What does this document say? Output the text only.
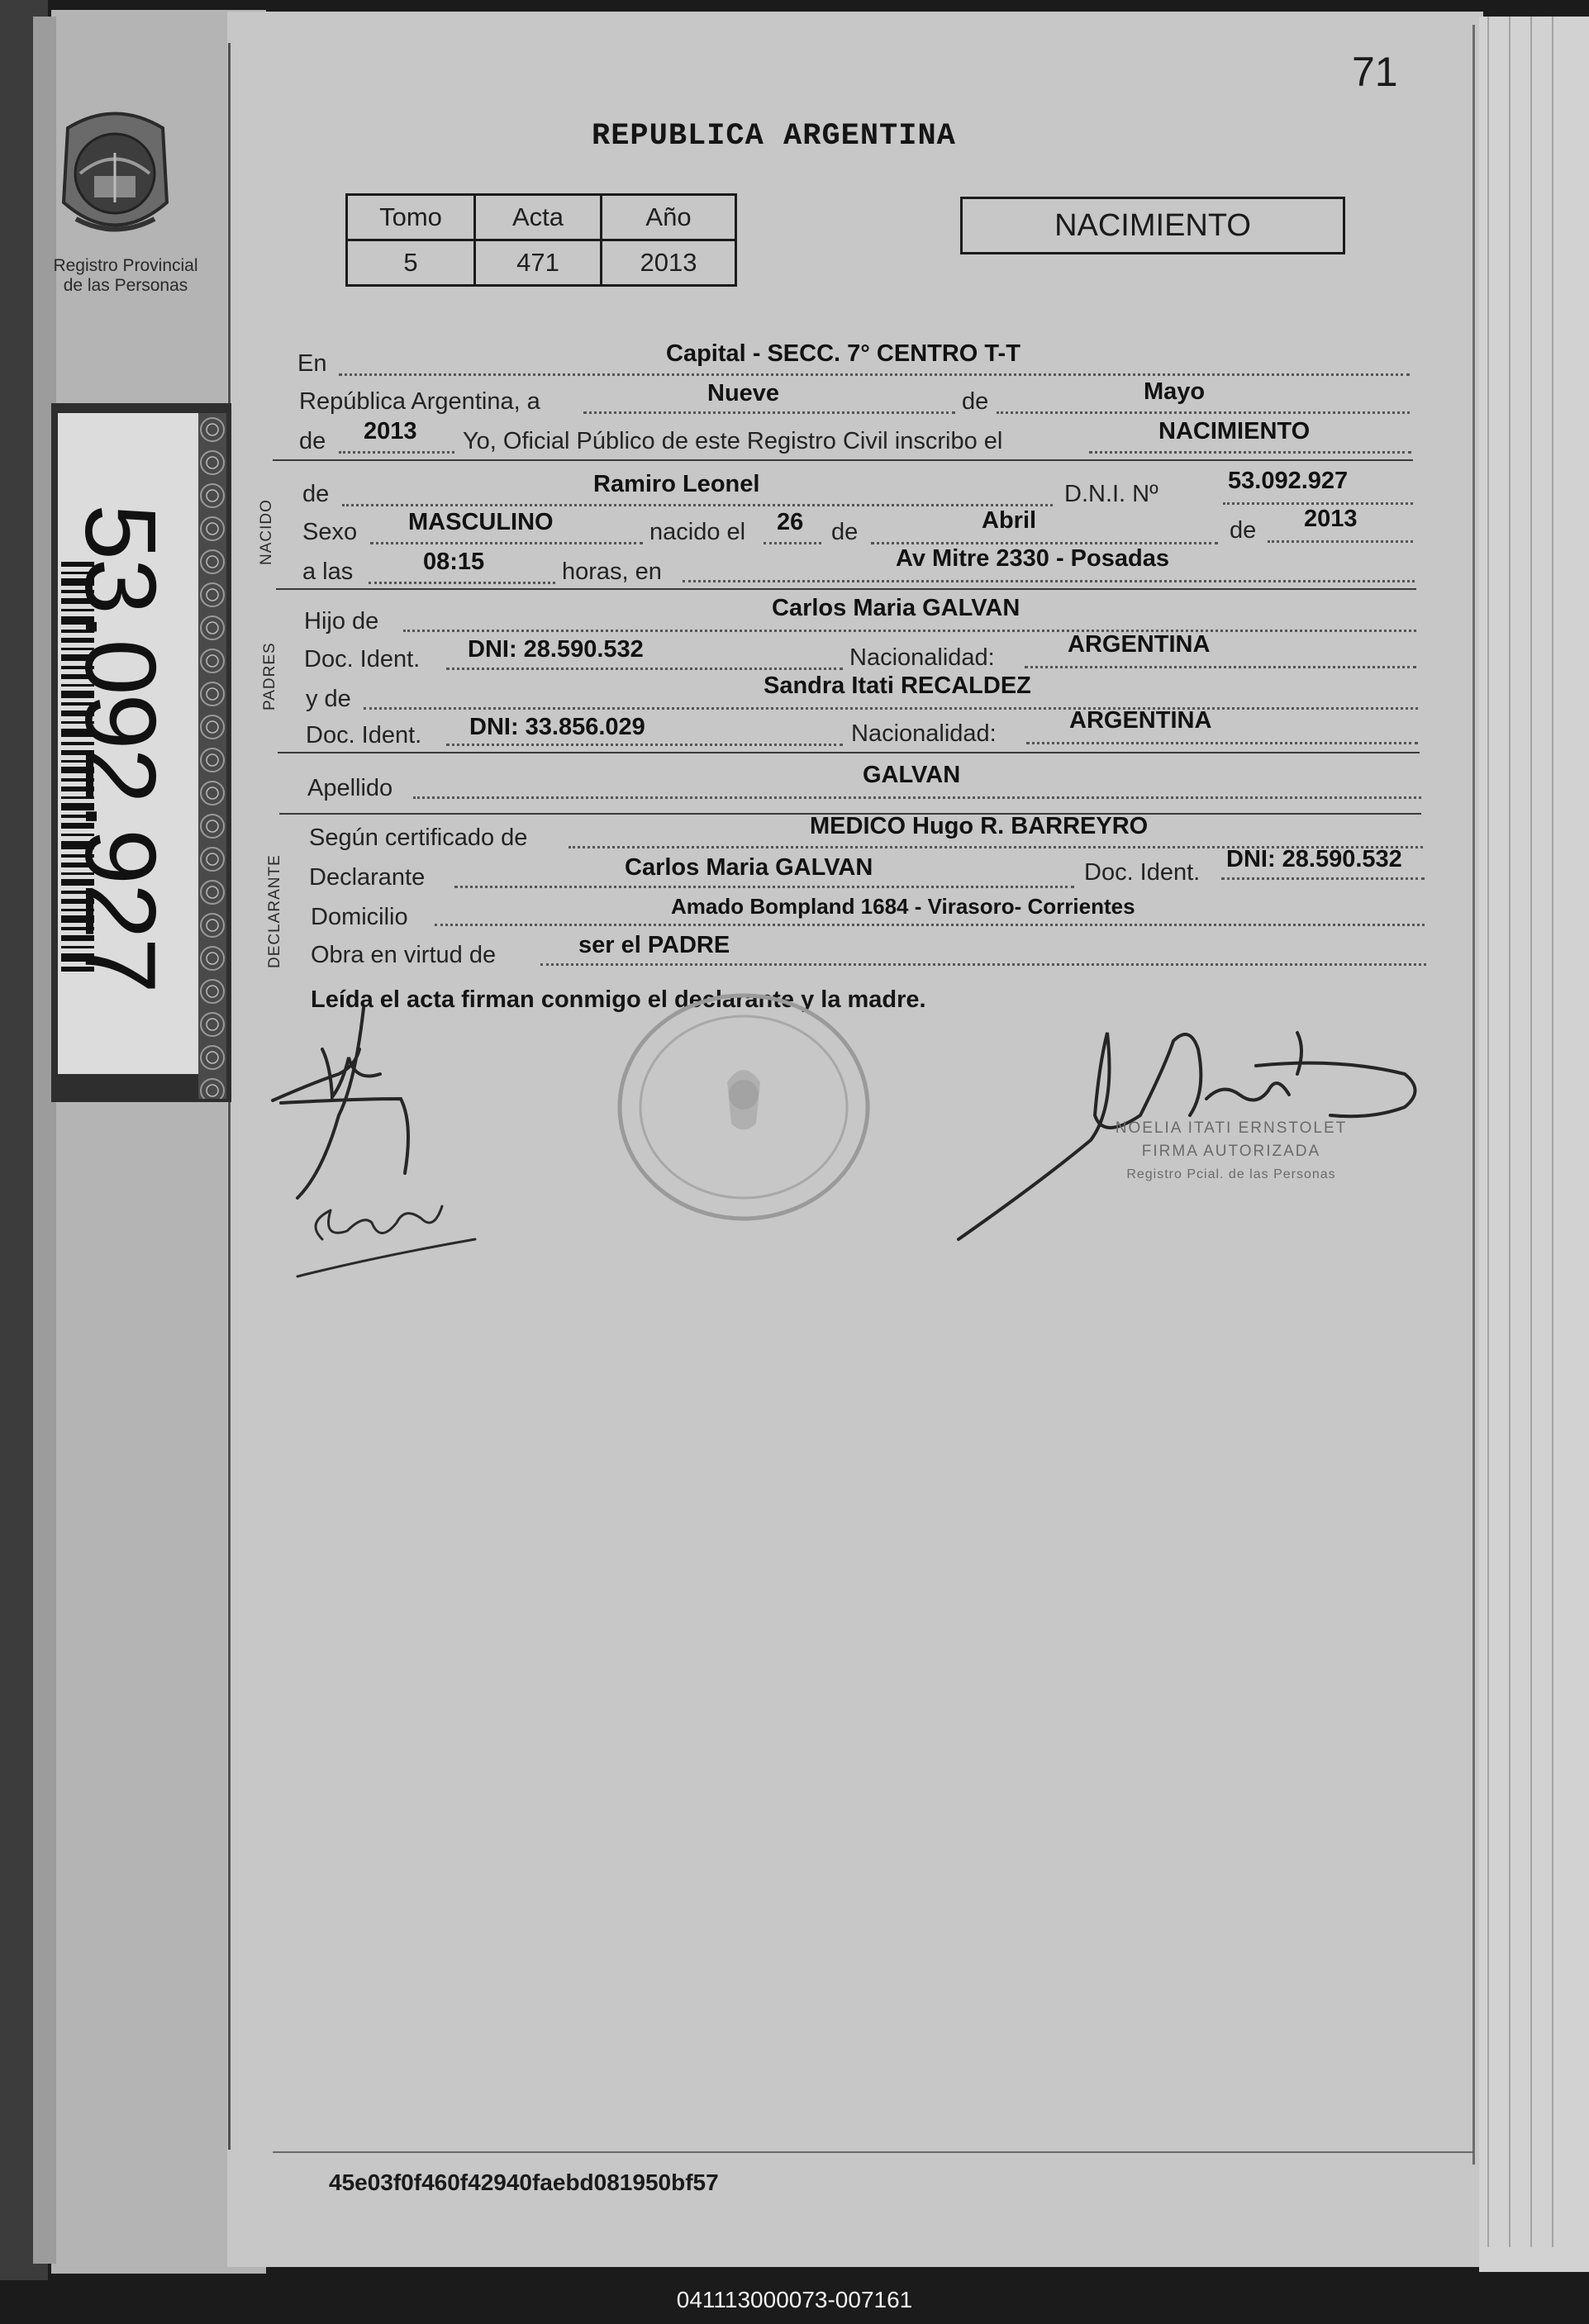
Registro Provincial
de las Personas
53.092.927
71
REPUBLICA ARGENTINA
Tomo	Acta	Año
5	471	2013
NACIMIENTO
En	Capital - SECC. 7° CENTRO T-T
República Argentina, a	Nueve	de	Mayo
de 2013 Yo, Oficial Público de este Registro Civil inscribo el	NACIMIENTO
NACIDO
de	Ramiro Leonel	D.N.I. Nº	53.092.927
Sexo MASCULINO	nacido el 26 de	Abril	de 2013
a las	08:15	horas, en	Av Mitre 2330 - Posadas
PADRES
Hijo de	Carlos Maria GALVAN
Doc. Ident. DNI: 28.590.532	Nacionalidad:	ARGENTINA
y de	Sandra Itati RECALDEZ
Doc. Ident. DNI: 33.856.029	Nacionalidad:	ARGENTINA
Apellido	GALVAN
DECLARANTE
Según certificado de	MEDICO Hugo R. BARREYRO
Declarante	Carlos Maria GALVAN	Doc. Ident. DNI: 28.590.532
Domicilio	Amado Bompland 1684 - Virasoro- Corrientes
Obra en virtud de	ser el PADRE
Leída el acta firman conmigo el declarante y la madre.
NOELIA ITATI ERNSTOLET
FIRMA AUTORIZADA
Registro Pcial. de las Personas
45e03f0f460f42940faebd081950bf57
041113000073-007161
